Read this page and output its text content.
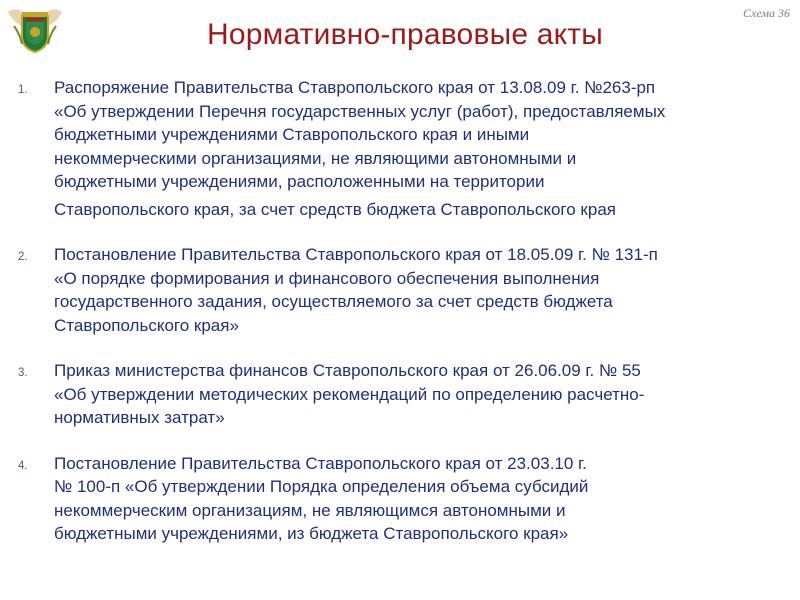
Схема 36
Нормативно-правовые акты
1. Распоряжение Правительства Ставропольского края от 13.08.09 г. №263-рп
«Об утверждении Перечня государственных услуг (работ), предоставляемых
бюджетными учреждениями Ставропольского края и иными
некоммерческими организациями, не являющими автономными и
бюджетными учреждениями, расположенными на территории
Ставропольского края, за счет средств бюджета Ставропольского края
2. Постановление Правительства Ставропольского края от 18.05.09 г. № 131-п
«О порядке формирования и финансового обеспечения выполнения
государственного задания, осуществляемого за счет средств бюджета
Ставропольского края»
3. Приказ министерства финансов Ставропольского края от 26.06.09 г. № 55
«Об утверждении методических рекомендаций по определению расчетно-
нормативных затрат»
4. Постановление Правительства Ставропольского края от 23.03.10 г.
№ 100-п «Об утверждении Порядка определения объема субсидий
некоммерческим организациям, не являющимся автономными и
бюджетными учреждениями, из бюджета Ставропольского края»
